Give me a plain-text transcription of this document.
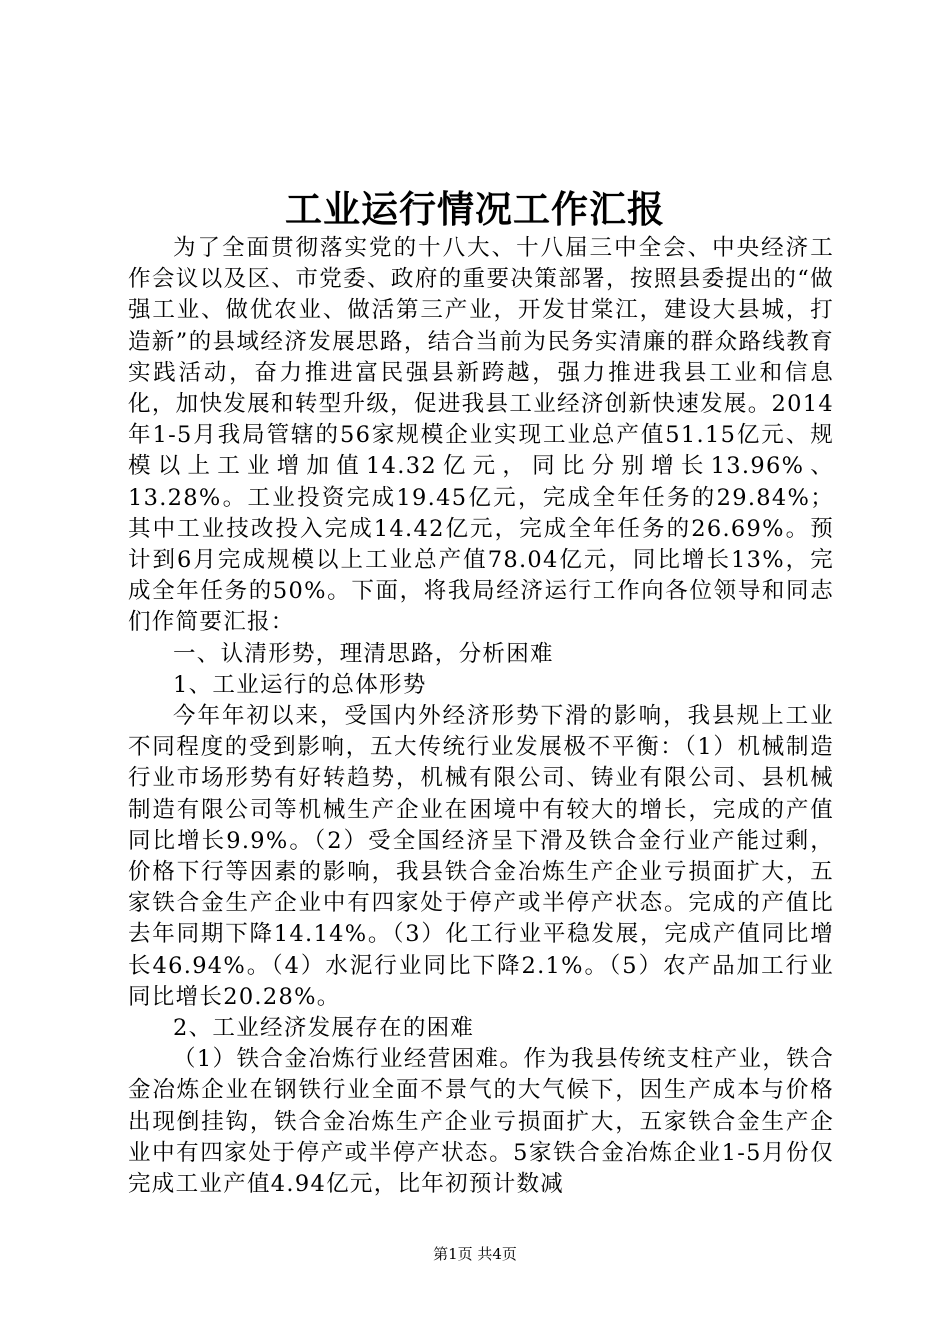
工业运行情况工作汇报

为了全面贯彻落实党的十八大、十八届三中全会、中央经济工作会议以及区、市党委、政府的重要决策部署，按照县委提出的“做强工业、做优农业、做活第三产业，开发甘棠江，建设大县城，打造新”的县域经济发展思路，结合当前为民务实清廉的群众路线教育实践活动，奋力推进富民强县新跨越，强力推进我县工业和信息化，加快发展和转型升级，促进我县工业经济创新快速发展。2014年1-5月我局管辖的56家规模企业实现工业总产值51.15亿元、规模以上工业增加值14.32亿元，同比分别增长13.96%、13.28%。工业投资完成19.45亿元，完成全年任务的29.84%；其中工业技改投入完成14.42亿元，完成全年任务的26.69%。预计到6月完成规模以上工业总产值78.04亿元，同比增长13%，完成全年任务的50%。下面，将我局经济运行工作向各位领导和同志们作简要汇报：

一、认清形势，理清思路，分析困难

1、工业运行的总体形势

今年年初以来，受国内外经济形势下滑的影响，我县规上工业不同程度的受到影响，五大传统行业发展极不平衡：（1）机械制造行业市场形势有好转趋势，机械有限公司、铸业有限公司、县机械制造有限公司等机械生产企业在困境中有较大的增长，完成的产值同比增长9.9%。（2）受全国经济呈下滑及铁合金行业产能过剩，价格下行等因素的影响，我县铁合金冶炼生产企业亏损面扩大，五家铁合金生产企业中有四家处于停产或半停产状态。完成的产值比去年同期下降14.14%。（3）化工行业平稳发展，完成产值同比增长46.94%。（4）水泥行业同比下降2.1%。（5）农产品加工行业同比增长20.28%。

2、工业经济发展存在的困难

（1）铁合金冶炼行业经营困难。作为我县传统支柱产业，铁合金冶炼企业在钢铁行业全面不景气的大气候下，因生产成本与价格出现倒挂钩，铁合金冶炼生产企业亏损面扩大，五家铁合金生产企业中有四家处于停产或半停产状态。5家铁合金冶炼企业1-5月份仅完成工业产值4.94亿元，比年初预计数减

第1页 共4页
